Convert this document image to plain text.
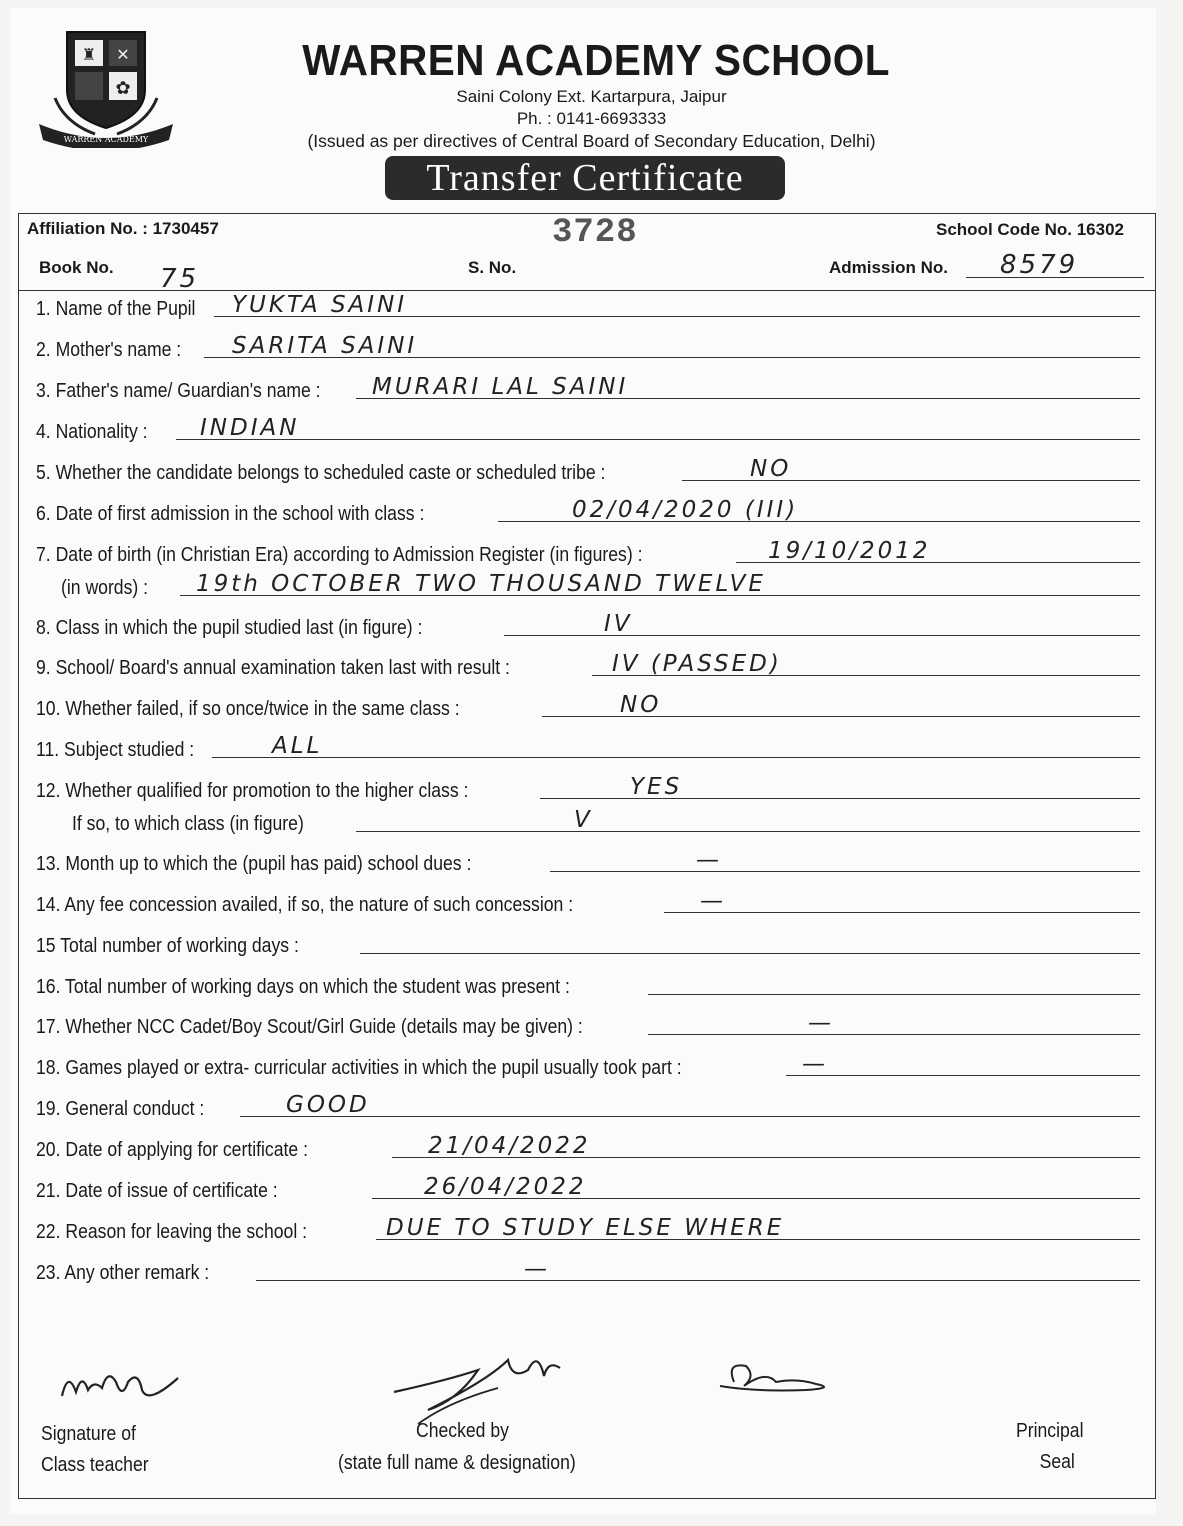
♜ ✕
✿
WARREN ACADEMY
WARREN ACADEMY SCHOOL
Saini Colony Ext. Kartarpura, Jaipur
Ph. : 0141-6693333
(Issued as per directives of Central Board of Secondary Education, Delhi)
Transfer Certificate
Affiliation No. : 1730457	3728	School Code No. 16302
Book No. 75	S. No.	Admission No. 8579
1. Name of the Pupil YUKTA SAINI
2. Mother's name : SARITA SAINI
3. Father's name/ Guardian's name : MURARI LAL SAINI
4. Nationality : INDIAN
5. Whether the candidate belongs to scheduled caste or scheduled tribe :	NO
6. Date of first admission in the school with class :	02/04/2020 (III)
7. Date of birth (in Christian Era) according to Admission Register (in figures) :	19/10/2012
(in words) : 19th OCTOBER TWO THOUSAND TWELVE
8. Class in which the pupil studied last (in figure) :	IV
9. School/ Board's annual examination taken last with result :	IV (PASSED)
10. Whether failed, if so once/twice in the same class :	NO
11. Subject studied :	ALL
12. Whether qualified for promotion to the higher class :	YES
If so, to which class (in figure)	V
13. Month up to which the (pupil has paid) school dues :	—
14. Any fee concession availed, if so, the nature of such concession :	—
15 Total number of working days :
16. Total number of working days on which the student was present :
17. Whether NCC Cadet/Boy Scout/Girl Guide (details may be given) :	—
18. Games played or extra- curricular activities in which the pupil usually took part :	—
19. General conduct :	GOOD
20. Date of applying for certificate :	21/04/2022
21. Date of issue of certificate :	26/04/2022
22. Reason for leaving the school :	DUE TO STUDY ELSE WHERE
23. Any other remark :	—
Signature of
Class teacher
Checked by
(state full name & designation)
Principal
Seal
